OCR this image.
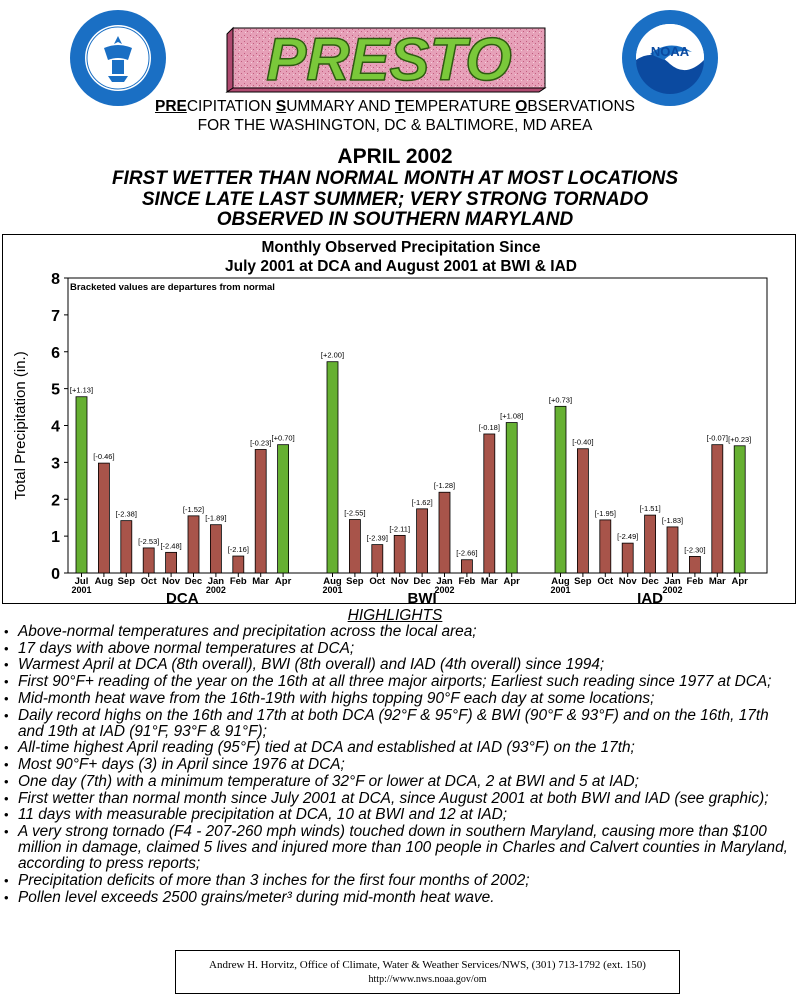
NOAA
PRESTO
PRECIPITATION SUMMARY AND TEMPERATURE OBSERVATIONS
FOR THE WASHINGTON, DC & BALTIMORE, MD AREA
APRIL 2002
FIRST WETTER THAN NORMAL MONTH AT MOST LOCATIONS
SINCE LATE LAST SUMMER; VERY STRONG TORNADO
OBSERVED IN SOUTHERN MARYLAND
Monthly Observed Precipitation Since
July 2001 at DCA and August 2001 at BWI & IAD
0
1
2
3
4
5
6
7
8
Total Precipitation (in.)
Bracketed values are departures from normal
[+1.13]
Jul
2001
[-0.46]
Aug
[-2.38]
Sep
[-2.53]
Oct
[-2.48]
Nov
[-1.52]
Dec
[-1.89]
Jan
2002
[-2.16]
Feb
[-0.23]
Mar
[+0.70]
Apr
DCA
[+2.00]
Aug
2001
[-2.55]
Sep
[-2.39]
Oct
[-2.11]
Nov
[-1.62]
Dec
[-1.28]
Jan
2002
[-2.66]
Feb
[-0.18]
Mar
[+1.08]
Apr
BWI
[+0.73]
Aug
2001
[-0.40]
Sep
[-1.95]
Oct
[-2.49]
Nov
[-1.51]
Dec
[-1.83]
Jan
2002
[-2.30]
Feb
[-0.07]
Mar
[+0.23]
Apr
IAD
HIGHLIGHTS
• Above-normal temperatures and precipitation across the local area;
• 17 days with above normal temperatures at DCA;
• Warmest April at DCA (8th overall), BWI (8th overall) and IAD (4th overall) since 1994;
• First 90°F+ reading of the year on the 16th at all three major airports; Earliest such reading since 1977 at DCA;
• Mid-month heat wave from the 16th-19th with highs topping 90°F each day at some locations;
• Daily record highs on the 16th and 17th at both DCA (92°F & 95°F) & BWI (90°F & 93°F) and on the 16th, 17th and 19th at IAD (91°F, 93°F & 91°F);
• All-time highest April reading (95°F) tied at DCA and established at IAD (93°F) on the 17th;
• Most 90°F+ days (3) in April since 1976 at DCA;
• One day (7th) with a minimum temperature of 32°F or lower at DCA, 2 at BWI and 5 at IAD;
• First wetter than normal month since July 2001 at DCA, since August 2001 at both BWI and IAD (see graphic);
• 11 days with measurable precipitation at DCA, 10 at BWI and 12 at IAD;
• A very strong tornado (F4 - 207-260 mph winds) touched down in southern Maryland, causing more than $100 million in damage, claimed 5 lives and injured more than 100 people in Charles and Calvert counties in Maryland, according to press reports;
• Precipitation deficits of more than 3 inches for the first four months of 2002;
• Pollen level exceeds 2500 grains/meter³ during mid-month heat wave.
Andrew H. Horvitz, Office of Climate, Water & Weather Services/NWS, (301) 713-1792 (ext. 150)
http://www.nws.noaa.gov/om
